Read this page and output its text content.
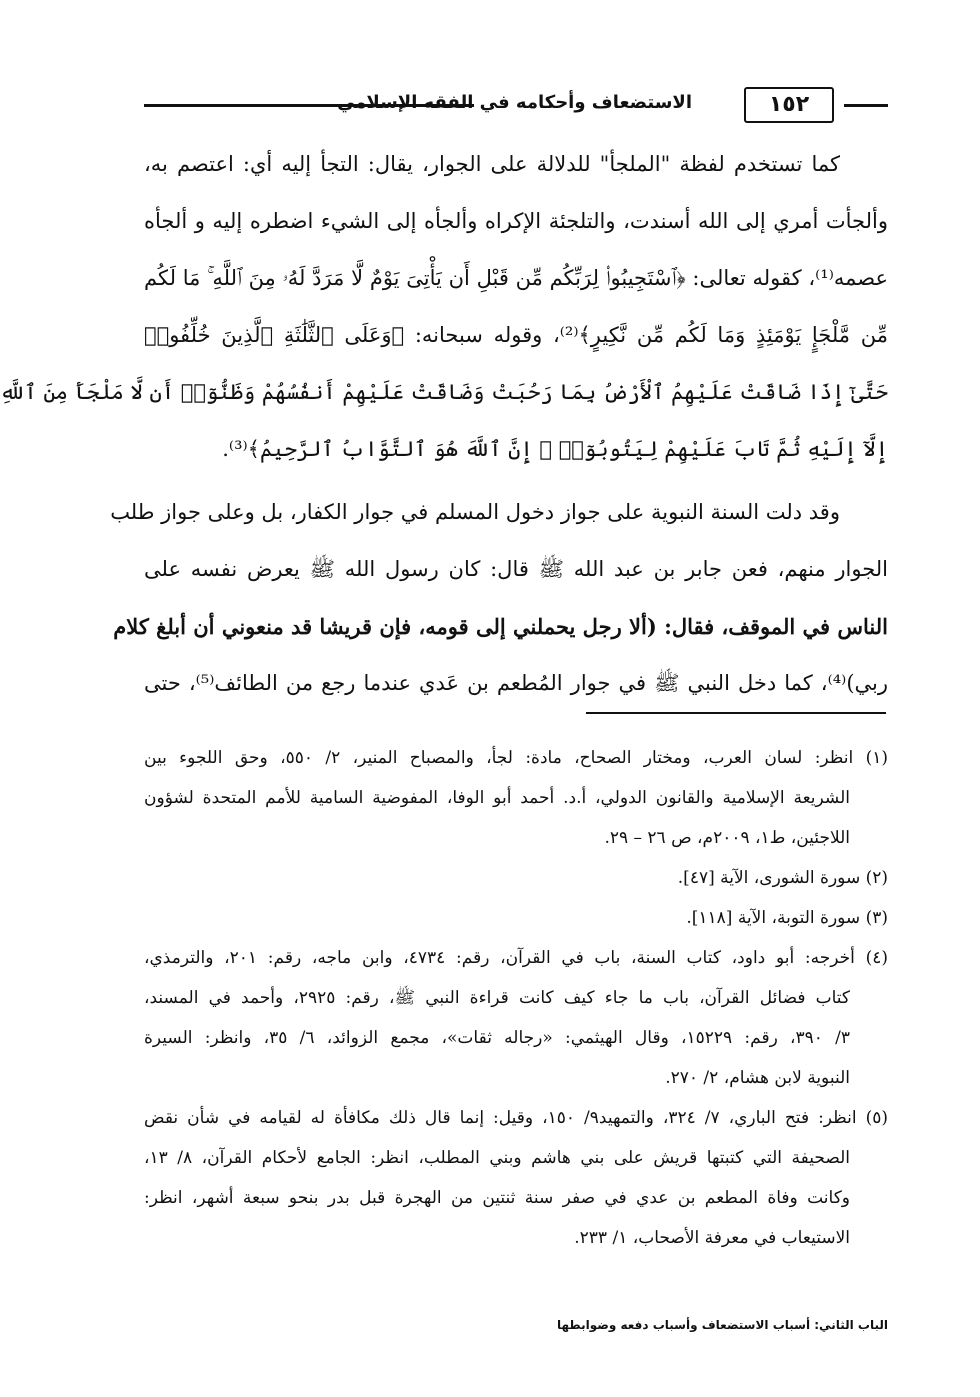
الاستضعاف وأحكامه في الفقه الإسلامي	١٥٢
كما تستخدم لفظة "الملجأ" للدلالة على الجوار، يقال: التجأ إليه أي: اعتصم به،
وألجأت أمري إلى الله أسندت، والتلجئة الإكراه وألجأه إلى الشيء اضطره إليه و ألجأه
عصمه⁽¹⁾، كقوله تعالى: ﴿ٱسْتَجِيبُوا۟ لِرَبِّكُم مِّن قَبْلِ أَن يَأْتِىَ يَوْمٌ لَّا مَرَدَّ لَهُۥ مِنَ ٱللَّهِ ۚ مَا لَكُم
مِّن مَّلْجَإٍ يَوْمَئِذٍ وَمَا لَكُم مِّن نَّكِيرٍ﴾⁽²⁾، وقوله سبحانه: ﴿وَعَلَى ٱلثَّلَٰثَةِ ٱلَّذِينَ خُلِّفُوا۟
حَتَّىٰٓ إِذَا ضَاقَتْ عَلَيْهِمُ ٱلْأَرْضُ بِمَا رَحُبَتْ وَضَاقَتْ عَلَيْهِمْ أَنفُسُهُمْ وَظَنُّوٓا۟ أَن لَّا مَلْجَأَ مِنَ ٱللَّهِ
إِلَّآ إِلَيْهِ ثُمَّ تَابَ عَلَيْهِمْ لِيَتُوبُوٓا۟ ۚ إِنَّ ٱللَّهَ هُوَ ٱلتَّوَّابُ ٱلرَّحِيمُ﴾⁽³⁾.
وقد دلت السنة النبوية على جواز دخول المسلم في جوار الكفار، بل وعلى جواز طلب
الجوار منهم، فعن جابر بن عبد الله ﷺ قال: كان رسول الله ﷺ يعرض نفسه على
الناس في الموقف، فقال: (ألا رجل يحملني إلى قومه، فإن قريشا قد منعوني أن أبلغ كلام
ربي)⁽⁴⁾، كما دخل النبي ﷺ في جوار المُطعم بن عَدي عندما رجع من الطائف⁽⁵⁾، حتى
(١) انظر: لسان العرب، ومختار الصحاح، مادة: لجأ، والمصباح المنير، ٢/ ٥٥٠، وحق اللجوء بين
الشريعة الإسلامية والقانون الدولي، أ.د. أحمد أبو الوفا، المفوضية السامية للأمم المتحدة لشؤون
اللاجئين، ط١، ٢٠٠٩م، ص ٢٦ – ٢٩.
(٢) سورة الشورى، الآية [٤٧].
(٣) سورة التوبة، الآية [١١٨].
(٤) أخرجه: أبو داود، كتاب السنة، باب في القرآن، رقم: ٤٧٣٤، وابن ماجه، رقم: ٢٠١، والترمذي،
كتاب فضائل القرآن، باب ما جاء كيف كانت قراءة النبي ﷺ، رقم: ٢٩٢٥، وأحمد في المسند،
٣/ ٣٩٠، رقم: ١٥٢٢٩، وقال الهيثمي: «رجاله ثقات»، مجمع الزوائد، ٦/ ٣٥، وانظر: السيرة
النبوية لابن هشام، ٢/ ٢٧٠.
(٥) انظر: فتح الباري، ٧/ ٣٢٤، والتمهيد٩/ ١٥٠، وقيل: إنما قال ذلك مكافأة له لقيامه في شأن نقض
الصحيفة التي كتبتها قريش على بني هاشم وبني المطلب، انظر: الجامع لأحكام القرآن، ٨/ ١٣،
وكانت وفاة المطعم بن عدي في صفر سنة ثنتين من الهجرة قبل بدر بنحو سبعة أشهر، انظر:
الاستيعاب في معرفة الأصحاب، ١/ ٢٣٣.
الباب الثاني: أسباب الاستضعاف وأسباب دفعه وضوابطها
